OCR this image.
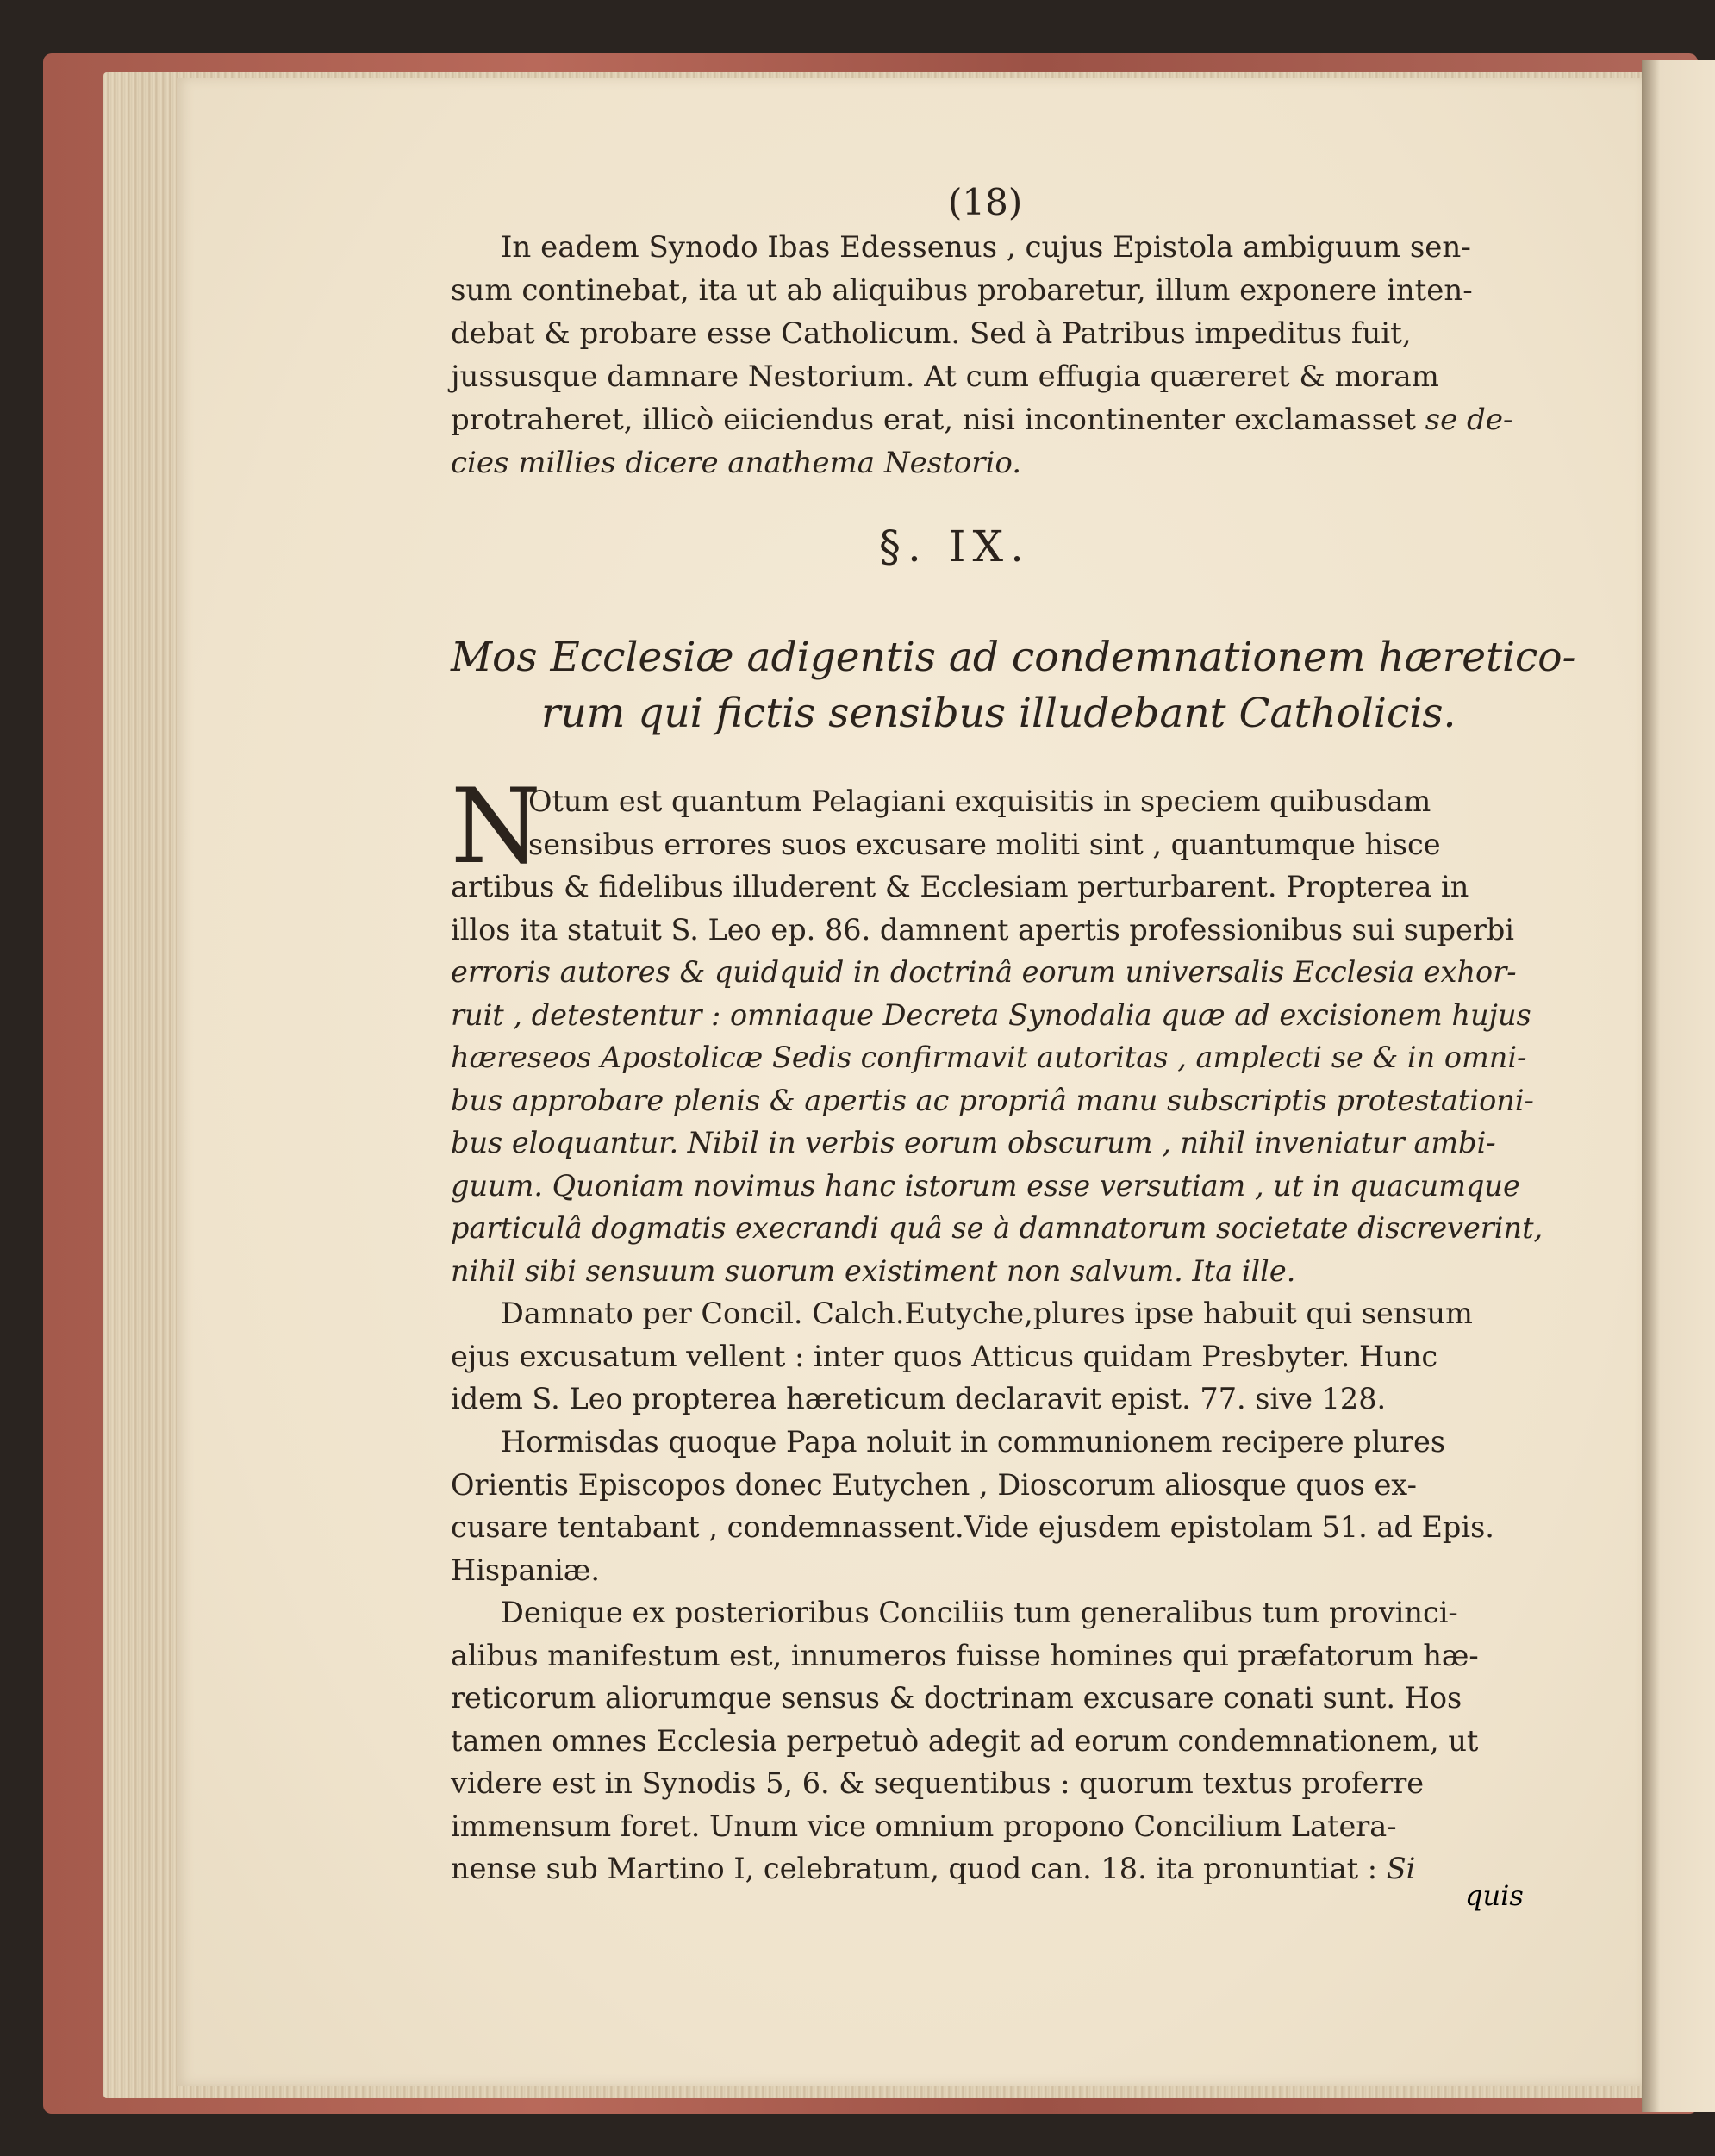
(18)
In eadem Synodo Ibas Edessenus , cujus Epistola ambiguum sen-
sum continebat, ita ut ab aliquibus probaretur, illum exponere inten-
debat & probare esse Catholicum. Sed à Patribus impeditus fuit,
jussusque damnare Nestorium. At cum effugia quæreret & moram
protraheret, illicò eiiciendus erat, nisi incontinenter exclamasset se de-
cies millies dicere anathema Nestorio.
§. IX.
Mos Ecclesiæ adigentis ad condemnationem hæretico-
rum qui fictis sensibus illudebant Catholicis.
N
Otum est quantum Pelagiani exquisitis in speciem quibusdam
sensibus errores suos excusare moliti sint , quantumque hisce
artibus & fidelibus illuderent & Ecclesiam perturbarent. Propterea in
illos ita statuit S. Leo ep. 86. damnent apertis professionibus sui superbi
erroris autores & quidquid in doctrinâ eorum universalis Ecclesia exhor-
ruit , detestentur : omniaque Decreta Synodalia quæ ad excisionem hujus
hæreseos Apostolicæ Sedis confirmavit autoritas , amplecti se & in omni-
bus approbare plenis & apertis ac propriâ manu subscriptis protestationi-
bus eloquantur. Nibil in verbis eorum obscurum , nihil inveniatur ambi-
guum. Quoniam novimus hanc istorum esse versutiam , ut in quacumque
particulâ dogmatis execrandi quâ se à damnatorum societate discreverint,
nihil sibi sensuum suorum existiment non salvum. Ita ille.
Damnato per Concil. Calch.Eutyche,plures ipse habuit qui sensum
ejus excusatum vellent : inter quos Atticus quidam Presbyter. Hunc
idem S. Leo propterea hæreticum declaravit epist. 77. sive 128.
Hormisdas quoque Papa noluit in communionem recipere plures
Orientis Episcopos donec Eutychen , Dioscorum aliosque quos ex-
cusare tentabant , condemnassent.Vide ejusdem epistolam 51. ad Epis.
Hispaniæ.
Denique ex posterioribus Conciliis tum generalibus tum provinci-
alibus manifestum est, innumeros fuisse homines qui præfatorum hæ-
reticorum aliorumque sensus & doctrinam excusare conati sunt. Hos
tamen omnes Ecclesia perpetuò adegit ad eorum condemnationem, ut
videre est in Synodis 5, 6. & sequentibus : quorum textus proferre
immensum foret. Unum vice omnium propono Concilium Latera-
nense sub Martino I, celebratum, quod can. 18. ita pronuntiat : Si
quis
